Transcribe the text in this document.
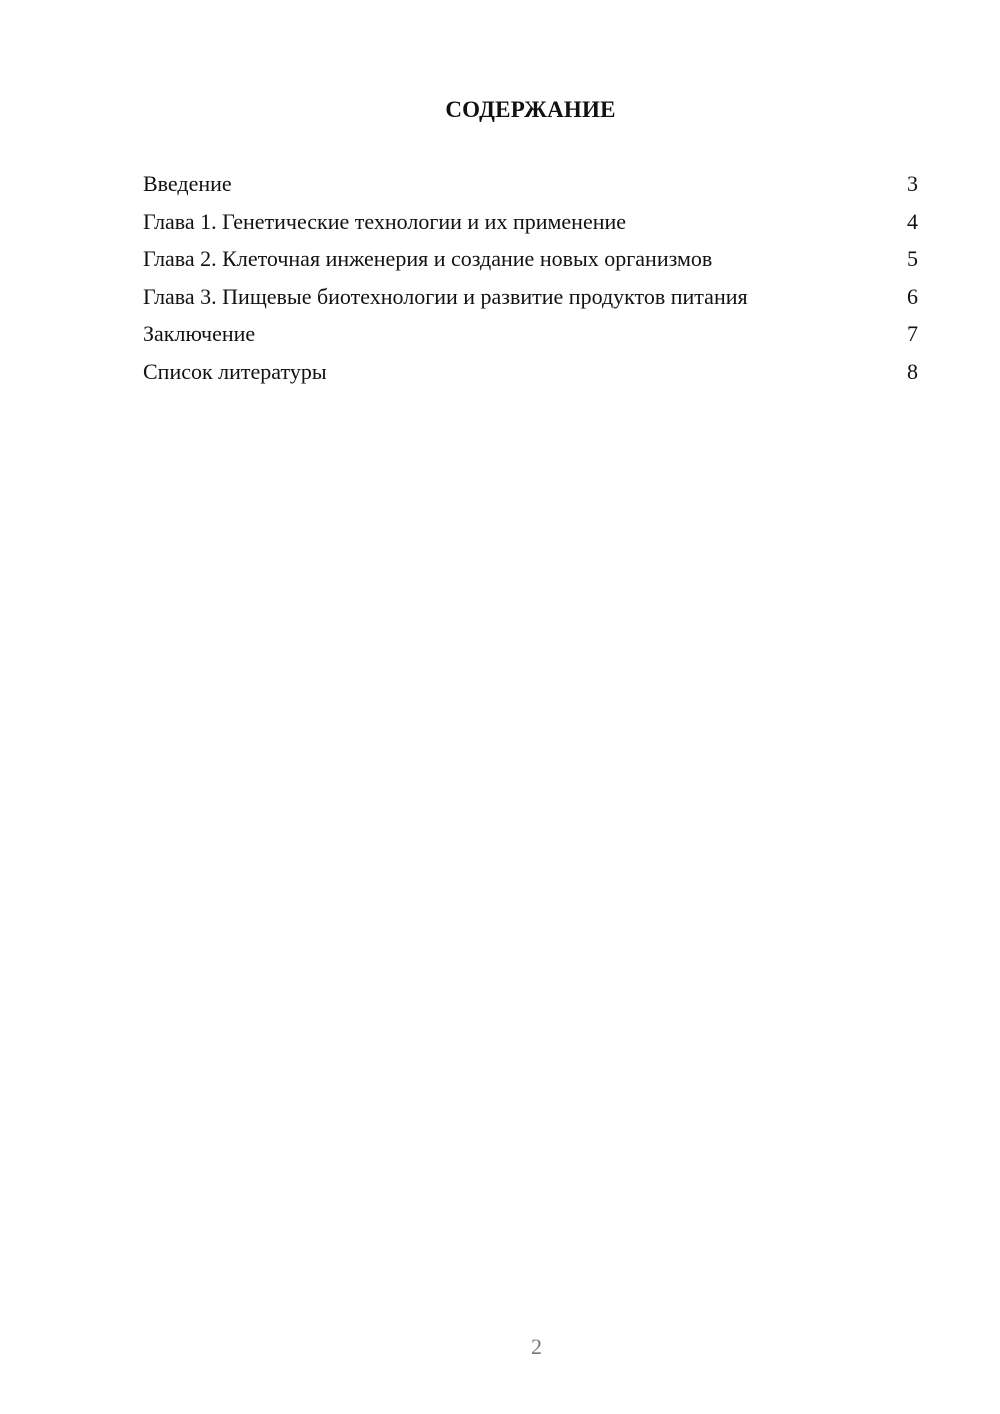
СОДЕРЖАНИЕ
Введение	3
Глава 1. Генетические технологии и их применение	4
Глава 2. Клеточная инженерия и создание новых организмов	5
Глава 3. Пищевые биотехнологии и развитие продуктов питания	6
Заключение	7
Список литературы	8
2
